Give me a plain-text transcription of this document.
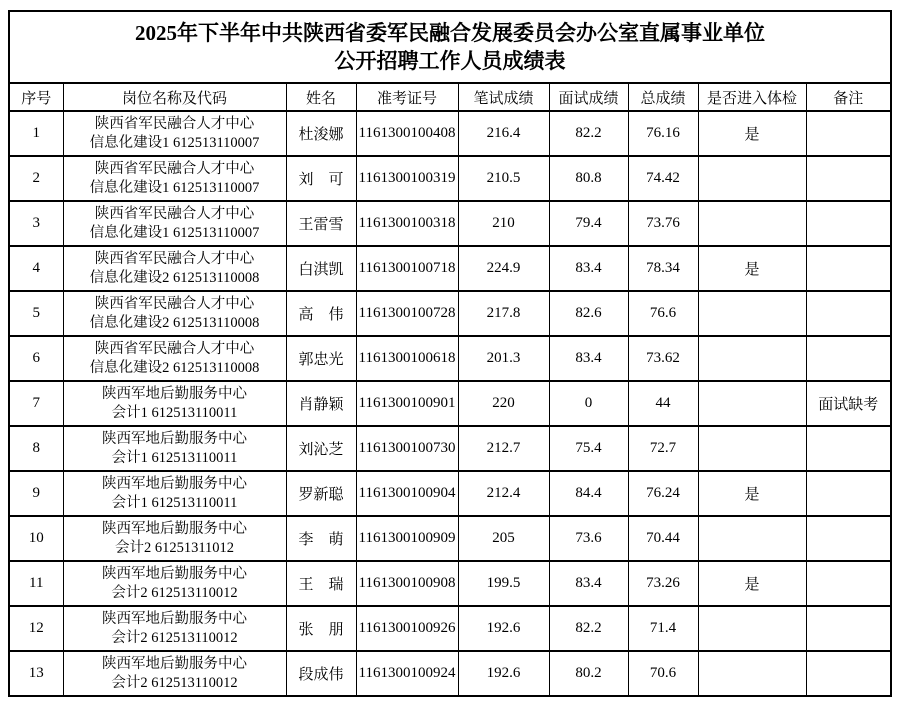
2025年下半年中共陕西省委军民融合发展委员会办公室直属事业单位
公开招聘工作人员成绩表								

序号	岗位名称及代码	姓名	准考证号	笔试成绩	面试成绩	总成绩	是否进入体检	备注
1	陕西省军民融合人才中心
信息化建设1 612513110007	杜浚娜	1161300100408	216.4	82.2	76.16	是	
2	陕西省军民融合人才中心
信息化建设1 612513110007	刘　可	1161300100319	210.5	80.8	74.42		
3	陕西省军民融合人才中心
信息化建设1 612513110007	王雷雪	1161300100318	210	79.4	73.76		
4	陕西省军民融合人才中心
信息化建设2 612513110008	白淇凯	1161300100718	224.9	83.4	78.34	是	
5	陕西省军民融合人才中心
信息化建设2 612513110008	高　伟	1161300100728	217.8	82.6	76.6		
6	陕西省军民融合人才中心
信息化建设2 612513110008	郭忠光	1161300100618	201.3	83.4	73.62		
7	陕西军地后勤服务中心
会计1 612513110011	肖静颖	1161300100901	220	0	44		面试缺考
8	陕西军地后勤服务中心
会计1 612513110011	刘沁芝	1161300100730	212.7	75.4	72.7		
9	陕西军地后勤服务中心
会计1 612513110011	罗新聪	1161300100904	212.4	84.4	76.24	是	
10	陕西军地后勤服务中心
会计2 61251311012	李　萌	1161300100909	205	73.6	70.44		
11	陕西军地后勤服务中心
会计2 612513110012	王　瑞	1161300100908	199.5	83.4	73.26	是	
12	陕西军地后勤服务中心
会计2 612513110012	张　朋	1161300100926	192.6	82.2	71.4		
13	陕西军地后勤服务中心
会计2 612513110012	段成伟	1161300100924	192.6	80.2	70.6		
